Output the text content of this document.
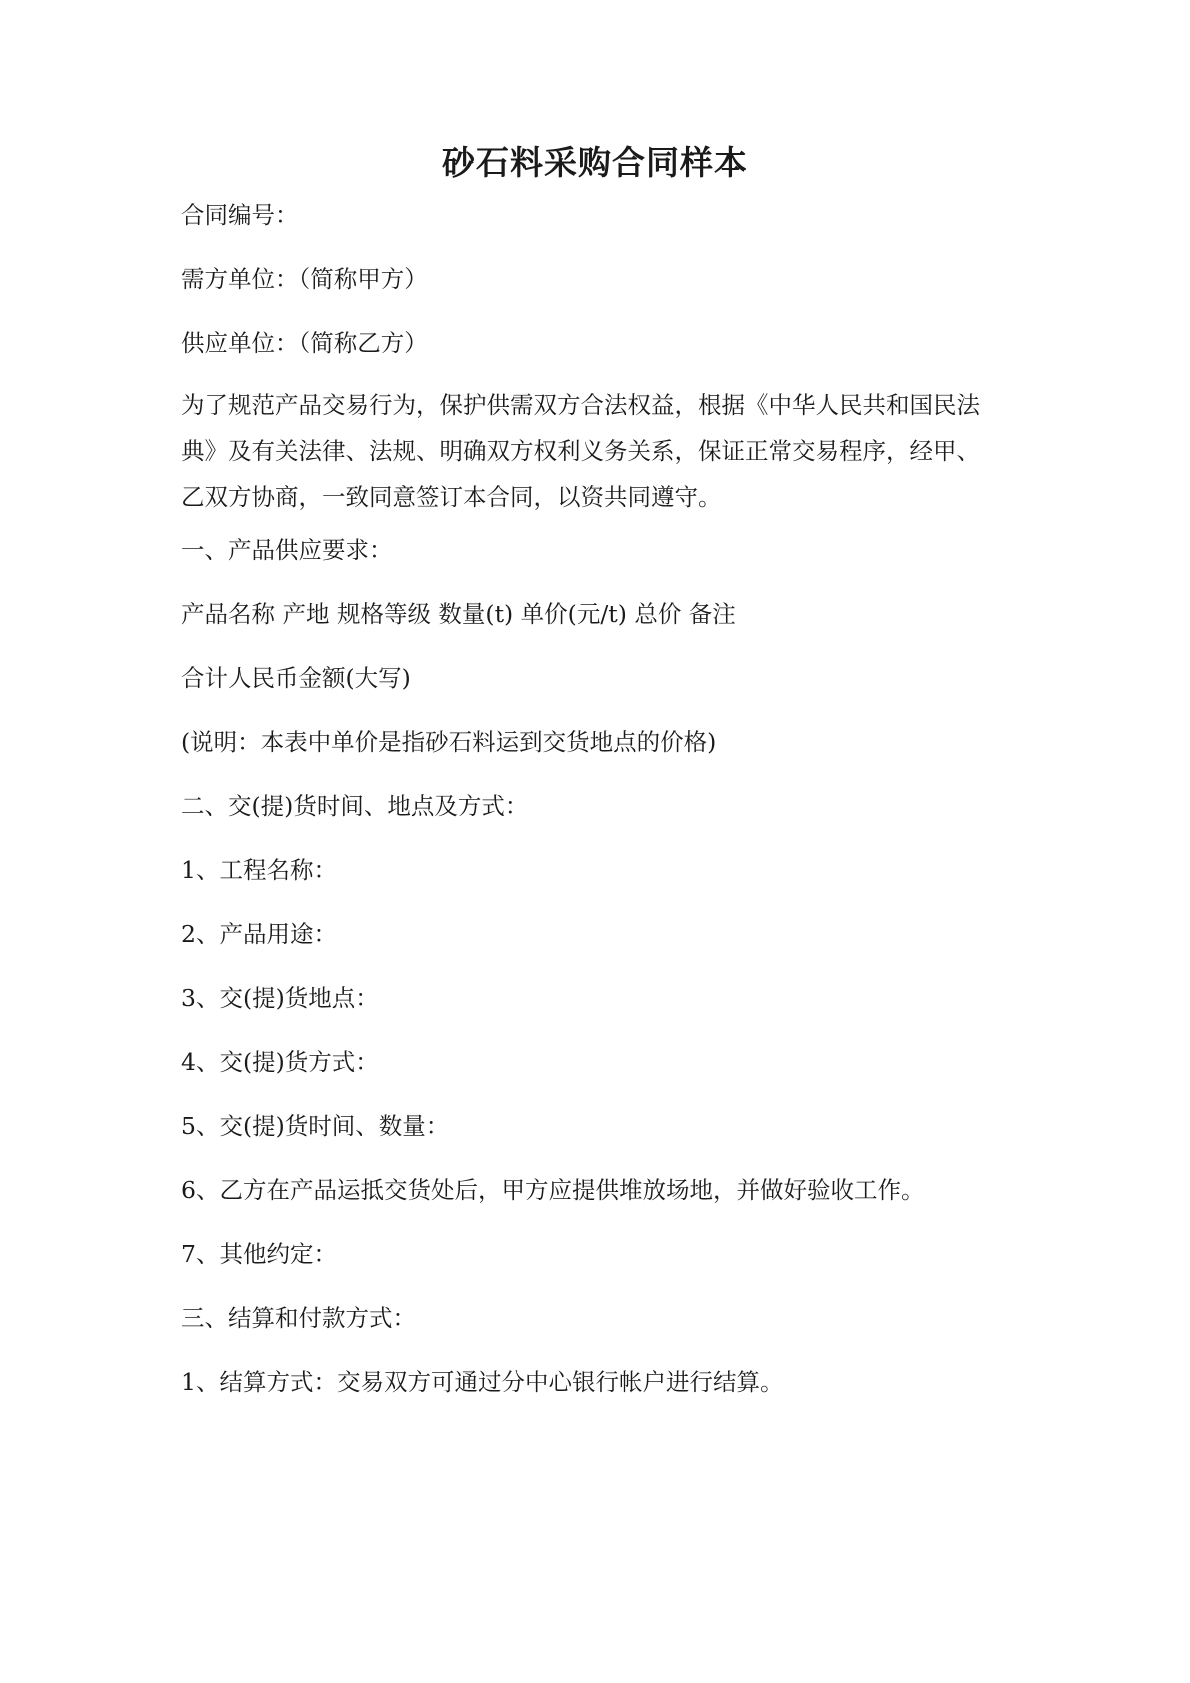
砂石料采购合同样本

合同编号：

需方单位：（简称甲方）

供应单位：（简称乙方）

为了规范产品交易行为，保护供需双方合法权益，根据《中华人民共和国民法
典》及有关法律、法规、明确双方权利义务关系，保证正常交易程序，经甲、
乙双方协商，一致同意签订本合同，以资共同遵守。

一、产品供应要求：

产品名称 产地 规格等级 数量(t) 单价(元/t) 总价 备注

合计人民币金额(大写)

(说明：本表中单价是指砂石料运到交货地点的价格)

二、交(提)货时间、地点及方式：

1、工程名称：

2、产品用途：

3、交(提)货地点：

4、交(提)货方式：

5、交(提)货时间、数量：

6、乙方在产品运抵交货处后，甲方应提供堆放场地，并做好验收工作。

7、其他约定：

三、结算和付款方式：

1、结算方式：交易双方可通过分中心银行帐户进行结算。
